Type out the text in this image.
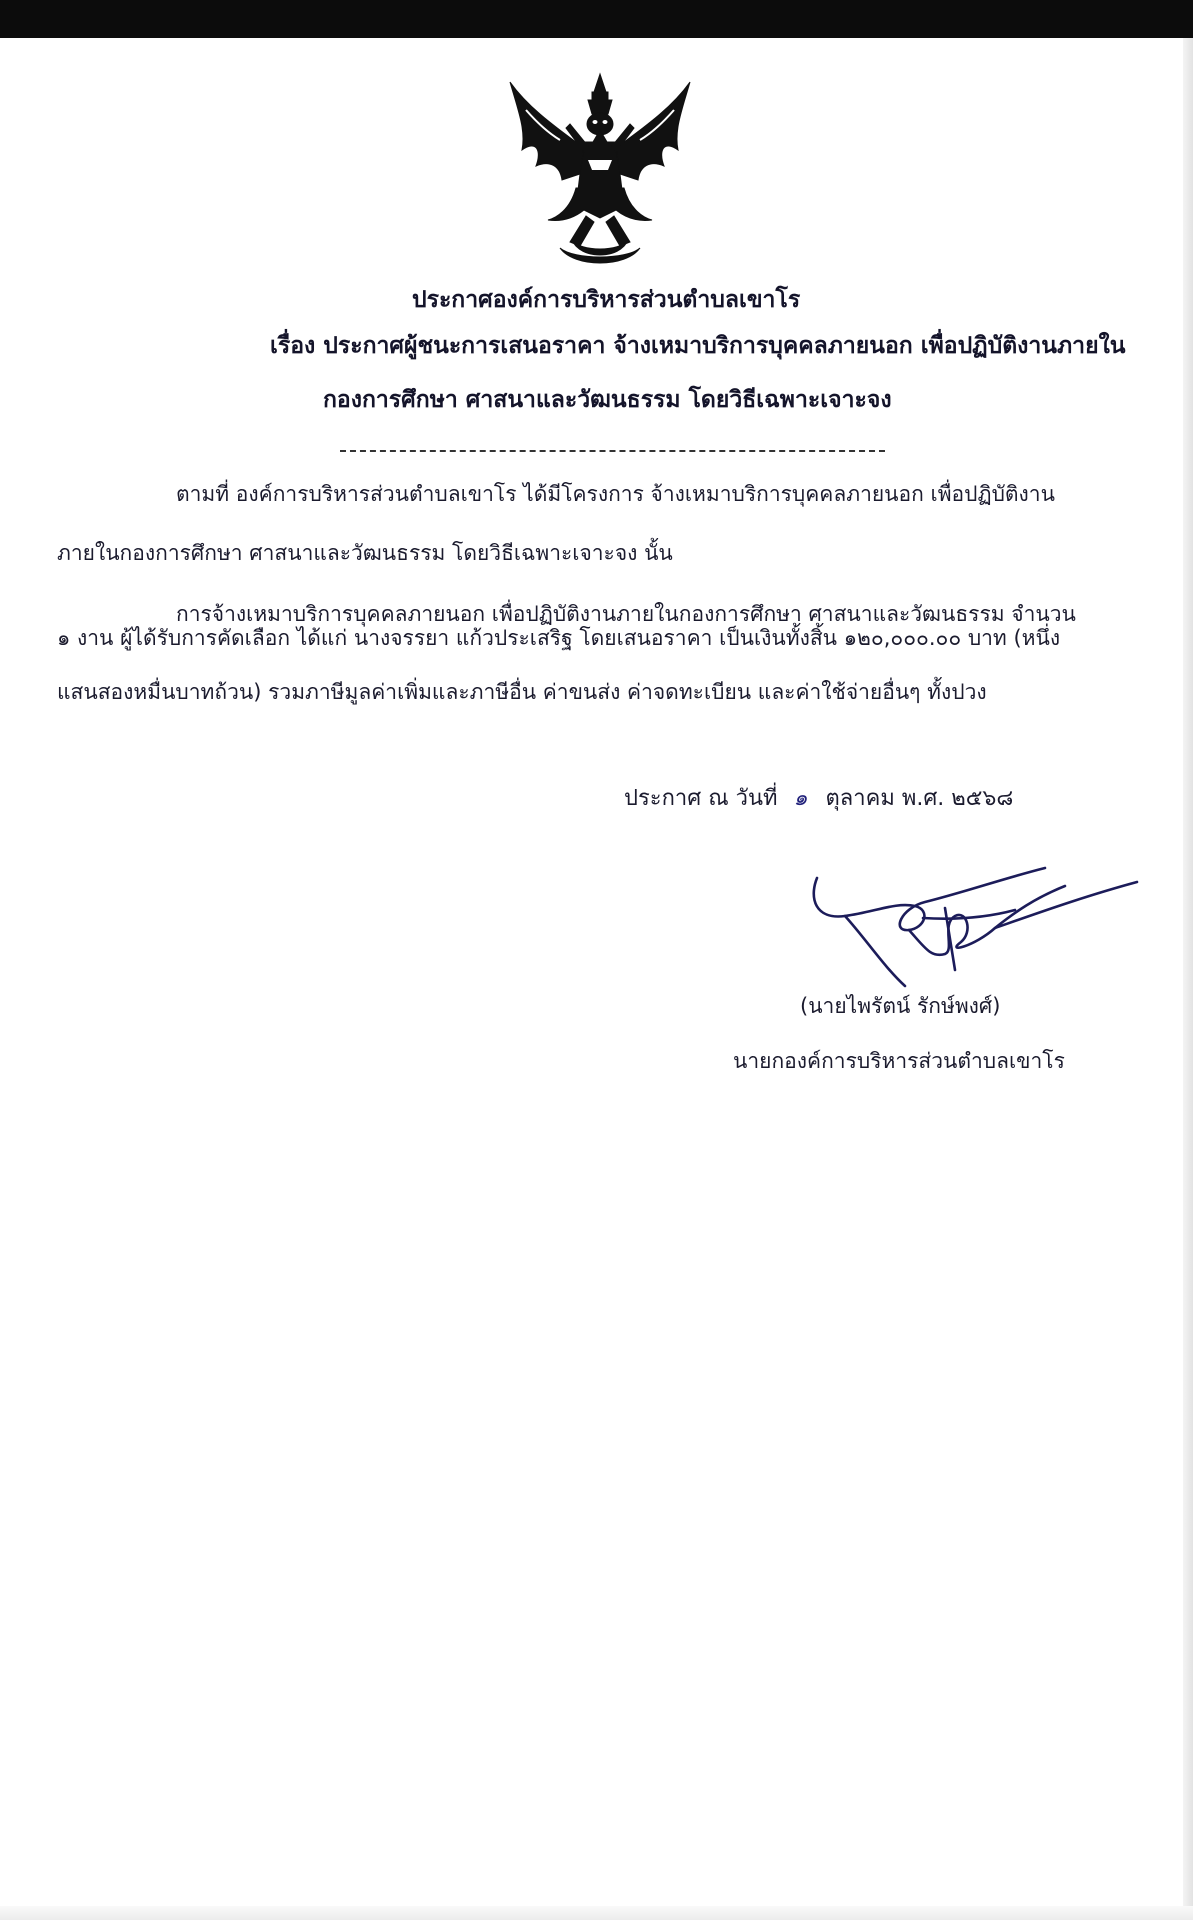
ประกาศองค์การบริหารส่วนตำบลเขาโร
เรื่อง ประกาศผู้ชนะการเสนอราคา จ้างเหมาบริการบุคคลภายนอก เพื่อปฏิบัติงานภายใน
กองการศึกษา ศาสนาและวัฒนธรรม โดยวิธีเฉพาะเจาะจง
ตามที่ องค์การบริหารส่วนตำบลเขาโร ได้มีโครงการ จ้างเหมาบริการบุคคลภายนอก เพื่อปฏิบัติงาน
ภายในกองการศึกษา ศาสนาและวัฒนธรรม โดยวิธีเฉพาะเจาะจง นั้น
การจ้างเหมาบริการบุคคลภายนอก เพื่อปฏิบัติงานภายในกองการศึกษา ศาสนาและวัฒนธรรม จำนวน
๑ งาน ผู้ได้รับการคัดเลือก ได้แก่ นางจรรยา แก้วประเสริฐ โดยเสนอราคา เป็นเงินทั้งสิ้น ๑๒๐,๐๐๐.๐๐ บาท (หนึ่ง
แสนสองหมื่นบาทถ้วน) รวมภาษีมูลค่าเพิ่มและภาษีอื่น ค่าขนส่ง ค่าจดทะเบียน และค่าใช้จ่ายอื่นๆ ทั้งปวง
ประกาศ ณ วันที่ ๑ ตุลาคม พ.ศ. ๒๕๖๘
(นายไพรัตน์ รักษ์พงศ์)
นายกองค์การบริหารส่วนตำบลเขาโร
